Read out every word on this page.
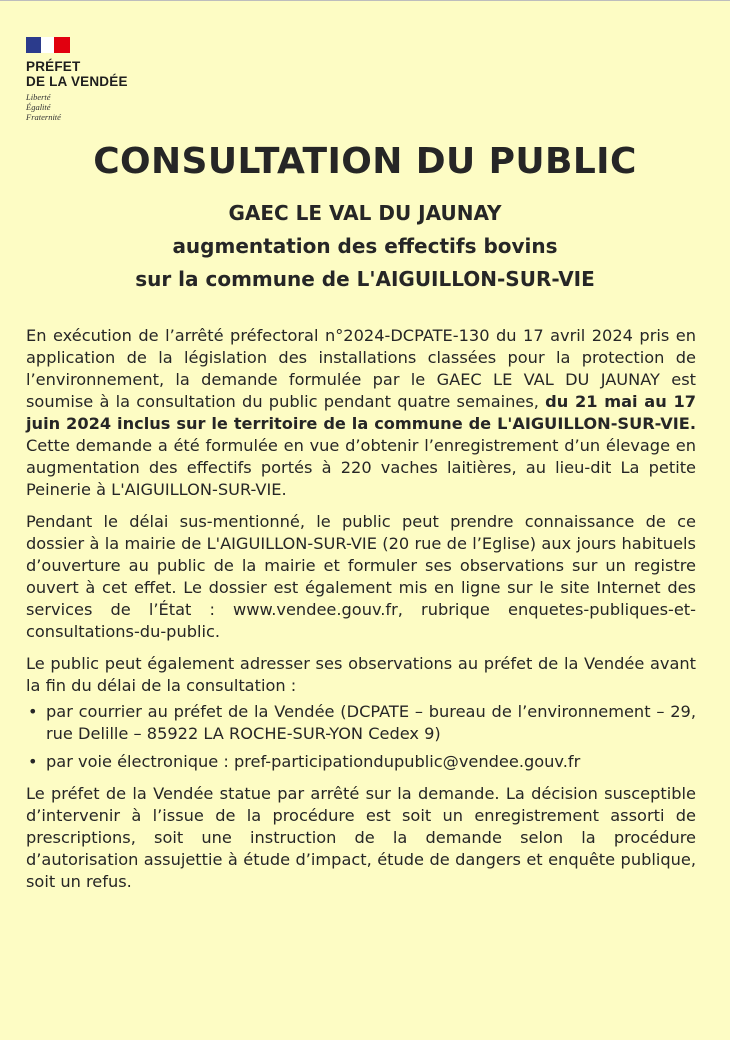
PRÉFET
DE LA VENDÉE
Liberté
Égalité
Fraternité
CONSULTATION DU PUBLIC
GAEC LE VAL DU JAUNAY
augmentation des effectifs bovins
sur la commune de L'AIGUILLON-SUR-VIE

En exécution de l’arrêté préfectoral n°2024-DCPATE-130 du 17 avril 2024 pris en application de la législation des installations classées pour la protection de l’environnement, la demande formulée par le GAEC LE VAL DU JAUNAY est soumise à la consultation du public pendant quatre semaines, du 21 mai au 17 juin 2024 inclus sur le territoire de la commune de L'AIGUILLON-SUR-VIE. Cette demande a été formulée en vue d’obtenir l’enregistrement d’un élevage en augmentation des effectifs portés à 220 vaches laitières, au lieu-dit La petite Peinerie à L'AIGUILLON-SUR-VIE.

Pendant le délai sus-mentionné, le public peut prendre connaissance de ce dossier à la mairie de L'AIGUILLON-SUR-VIE (20 rue de l’Eglise) aux jours habituels d’ouverture au public de la mairie et formuler ses observations sur un registre ouvert à cet effet. Le dossier est également mis en ligne sur le site Internet des services de l’État : www.vendee.gouv.fr, rubrique enquetes-publiques-et-consultations-du-public.

Le public peut également adresser ses observations au préfet de la Vendée avant la fin du délai de la consultation :

• par courrier au préfet de la Vendée (DCPATE – bureau de l’environnement – 29, rue Delille – 85922 LA ROCHE-SUR-YON Cedex 9)
• par voie électronique : pref-participationdupublic@vendee.gouv.fr

Le préfet de la Vendée statue par arrêté sur la demande. La décision susceptible d’intervenir à l’issue de la procédure est soit un enregistrement assorti de prescriptions, soit une instruction de la demande selon la procédure d’autorisation assujettie à étude d’impact, étude de dangers et enquête publique, soit un refus.
